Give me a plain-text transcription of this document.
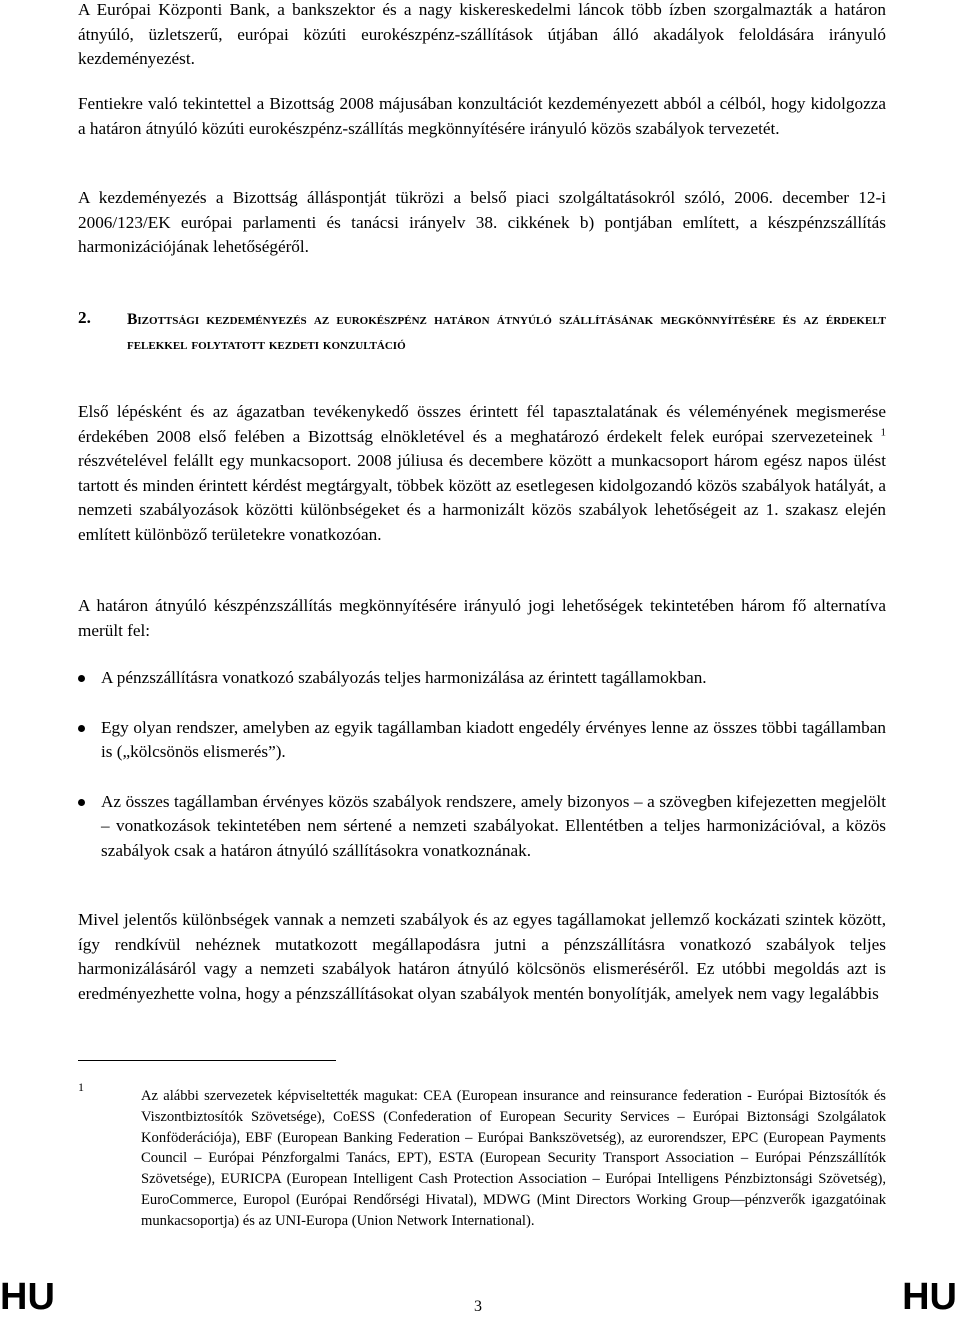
A Európai Központi Bank, a bankszektor és a nagy kiskereskedelmi láncok több ízben szorgalmazták a határon átnyúló, üzletszerű, európai közúti eurokészpénz-szállítások útjában álló akadályok feloldására irányuló kezdeményezést.

Fentiekre való tekintettel a Bizottság 2008 májusában konzultációt kezdeményezett abból a célból, hogy kidolgozza a határon átnyúló közúti eurokészpénz-szállítás megkönnyítésére irányuló közös szabályok tervezetét.

A kezdeményezés a Bizottság álláspontját tükrözi a belső piaci szolgáltatásokról szóló, 2006. december 12-i 2006/123/EK európai parlamenti és tanácsi irányelv 38. cikkének b) pontjában említett, a készpénzszállítás harmonizációjának lehetőségéről.

2. Bizottsági kezdeményezés az eurokészpénz határon átnyúló szállításának megkönnyítésére és az érdekelt felekkel folytatott kezdeti konzultáció

Első lépésként és az ágazatban tevékenykedő összes érintett fél tapasztalatának és véleményének megismerése érdekében 2008 első felében a Bizottság elnökletével és a meghatározó érdekelt felek európai szervezeteinek $^1$ részvételével felállt egy munkacsoport. 2008 júliusa és decembere között a munkacsoport három egész napos ülést tartott és minden érintett kérdést megtárgyalt, többek között az esetlegesen kidolgozandó közös szabályok hatályát, a nemzeti szabályozások közötti különbségeket és a harmonizált közös szabályok lehetőségeit az 1. szakasz elején említett különböző területekre vonatkozóan.

A határon átnyúló készpénzszállítás megkönnyítésére irányuló jogi lehetőségek tekintetében három fő alternatíva merült fel:

A pénzszállításra vonatkozó szabályozás teljes harmonizálása az érintett tagállamokban.
Egy olyan rendszer, amelyben az egyik tagállamban kiadott engedély érvényes lenne az összes többi tagállamban is („kölcsönös elismerés”).
Az összes tagállamban érvényes közös szabályok rendszere, amely bizonyos – a szövegben kifejezetten megjelölt – vonatkozások tekintetében nem sértené a nemzeti szabályokat. Ellentétben a teljes harmonizációval, a közös szabályok csak a határon átnyúló szállításokra vonatkoznának.

Mivel jelentős különbségek vannak a nemzeti szabályok és az egyes tagállamokat jellemző kockázati szintek között, így rendkívül nehéznek mutatkozott megállapodásra jutni a pénzszállításra vonatkozó szabályok teljes harmonizálásáról vagy a nemzeti szabályok határon átnyúló kölcsönös elismeréséről. Ez utóbbi megoldás azt is eredményezhette volna, hogy a pénzszállításokat olyan szabályok mentén bonyolítják, amelyek nem vagy legalábbis

1
Az alábbi szervezetek képviseltették magukat: CEA (European insurance and reinsurance federation - Európai Biztosítók és Viszontbiztosítók Szövetsége), CoESS (Confederation of European Security Services – Európai Biztonsági Szolgálatok Konföderációja), EBF (European Banking Federation – Európai Bankszövetség), az eurorendszer, EPC (European Payments Council – Európai Pénzforgalmi Tanács, EPT), ESTA (European Security Transport Association – Európai Pénzszállítók Szövetsége), EURICPA (European Intelligent Cash Protection Association – Európai Intelligens Pénzbiztonsági Szövetség), EuroCommerce, Europol (Európai Rendőrségi Hivatal), MDWG (Mint Directors Working Group—pénzverők igazgatóinak munkacsoportja) és az UNI-Europa (Union Network International).
HU	3	HU
